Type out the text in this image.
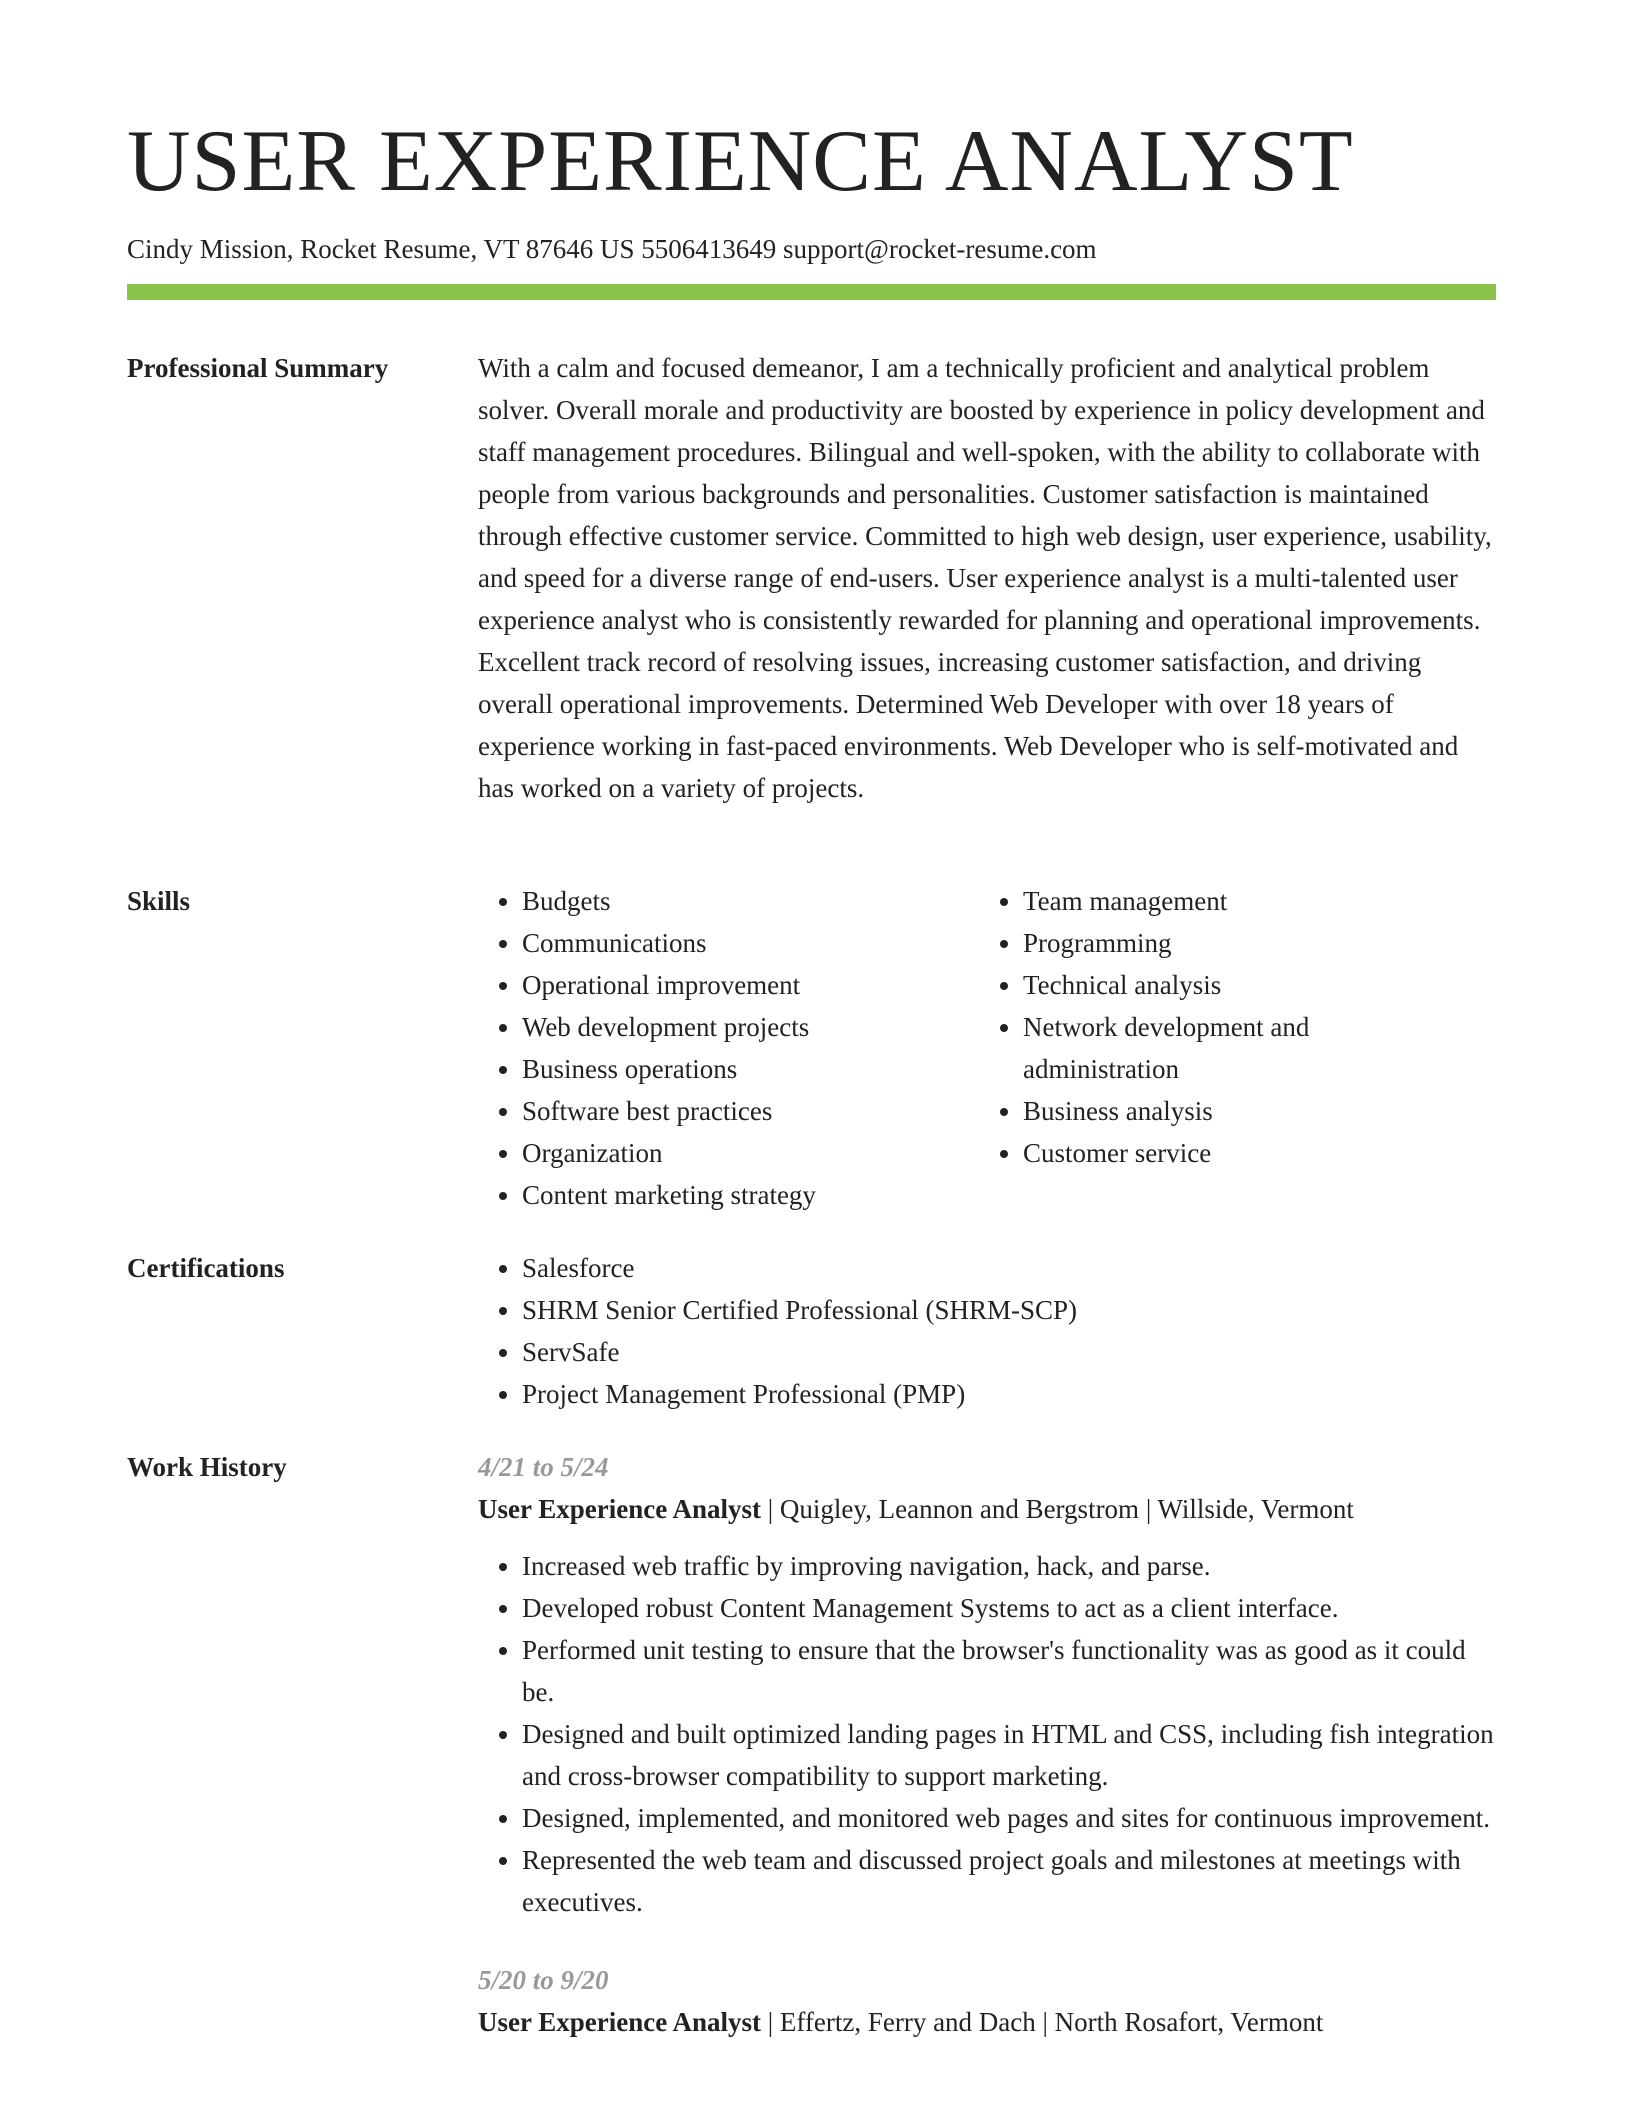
USER EXPERIENCE ANALYST
Cindy Mission, Rocket Resume, VT 87646 US 5506413649 support@rocket-resume.com
Professional Summary	With a calm and focused demeanor, I am a technically proficient and analytical problem solver. Overall morale and productivity are boosted by experience in policy development and staff management procedures. Bilingual and well-spoken, with the ability to collaborate with people from various backgrounds and personalities. Customer satisfaction is maintained through effective customer service. Committed to high web design, user experience, usability, and speed for a diverse range of end-users. User experience analyst is a multi-talented user experience analyst who is consistently rewarded for planning and operational improvements. Excellent track record of resolving issues, increasing customer satisfaction, and driving overall operational improvements. Determined Web Developer with over 18 years of experience working in fast-paced environments. Web Developer who is self-motivated and has worked on a variety of projects.

Skills	• Budgets
• Communications
• Operational improvement
• Web development projects
• Business operations
• Software best practices
• Organization
• Content marketing strategy
• Team management
• Programming
• Technical analysis
• Network development and administration
• Business analysis
• Customer service
Certifications	• Salesforce
• SHRM Senior Certified Professional (SHRM-SCP)
• ServSafe
• Project Management Professional (PMP)
Work History	4/21 to 5/24
User Experience Analyst | Quigley, Leannon and Bergstrom | Willside, Vermont
• Increased web traffic by improving navigation, hack, and parse.
• Developed robust Content Management Systems to act as a client interface.
• Performed unit testing to ensure that the browser's functionality was as good as it could be.
• Designed and built optimized landing pages in HTML and CSS, including fish integration and cross-browser compatibility to support marketing.
• Designed, implemented, and monitored web pages and sites for continuous improvement.
• Represented the web team and discussed project goals and milestones at meetings with executives.
5/20 to 9/20
User Experience Analyst | Effertz, Ferry and Dach | North Rosafort, Vermont
